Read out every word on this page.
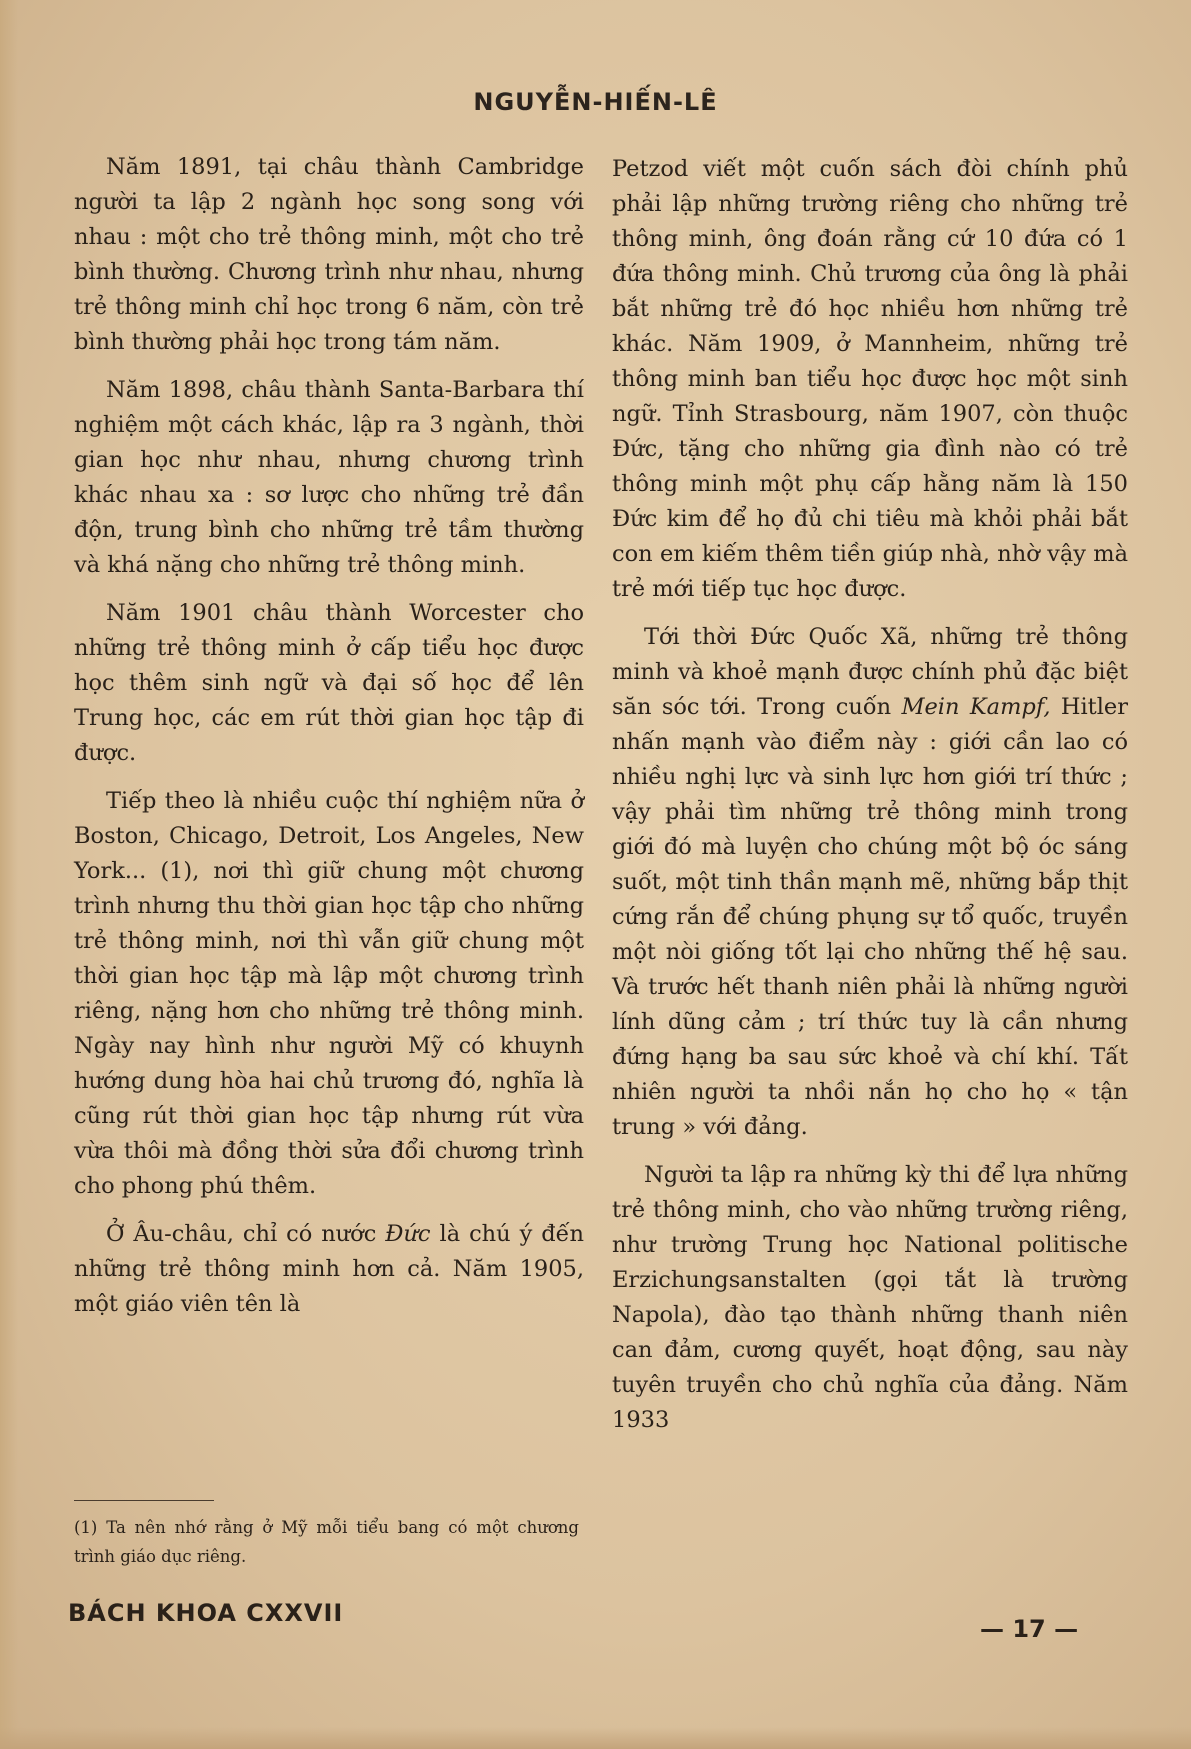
NGUYỄN-HIẾN-LÊ

Năm 1891, tại châu thành Cambridge người ta lập 2 ngành học song song với nhau : một cho trẻ thông minh, một cho trẻ bình thường. Chương trình như nhau, nhưng trẻ thông minh chỉ học trong 6 năm, còn trẻ bình thường phải học trong tám năm.

Năm 1898, châu thành Santa-Barbara thí nghiệm một cách khác, lập ra 3 ngành, thời gian học như nhau, nhưng chương trình khác nhau xa : sơ lược cho những trẻ đần độn, trung bình cho những trẻ tầm thường và khá nặng cho những trẻ thông minh.

Năm 1901 châu thành Worcester cho những trẻ thông minh ở cấp tiểu học được học thêm sinh ngữ và đại số học để lên Trung học, các em rút thời gian học tập đi được.

Tiếp theo là nhiều cuộc thí nghiệm nữa ở Boston, Chicago, Detroit, Los Angeles, New York... (1), nơi thì giữ chung một chương trình nhưng thu thời gian học tập cho những trẻ thông minh, nơi thì vẫn giữ chung một thời gian học tập mà lập một chương trình riêng, nặng hơn cho những trẻ thông minh. Ngày nay hình như người Mỹ có khuynh hướng dung hòa hai chủ trương đó, nghĩa là cũng rút thời gian học tập nhưng rút vừa vừa thôi mà đồng thời sửa đổi chương trình cho phong phú thêm.

Ở Âu-châu, chỉ có nước Đức là chú ý đến những trẻ thông minh hơn cả. Năm 1905, một giáo viên tên là

(1) Ta nên nhớ rằng ở Mỹ mỗi tiểu bang có một chương trình giáo dục riêng.

Petzod viết một cuốn sách đòi chính phủ phải lập những trường riêng cho những trẻ thông minh, ông đoán rằng cứ 10 đứa có 1 đứa thông minh. Chủ trương của ông là phải bắt những trẻ đó học nhiều hơn những trẻ khác. Năm 1909, ở Mannheim, những trẻ thông minh ban tiểu học được học một sinh ngữ. Tỉnh Strasbourg, năm 1907, còn thuộc Đức, tặng cho những gia đình nào có trẻ thông minh một phụ cấp hằng năm là 150 Đức kim để họ đủ chi tiêu mà khỏi phải bắt con em kiếm thêm tiền giúp nhà, nhờ vậy mà trẻ mới tiếp tục học được.

Tới thời Đức Quốc Xã, những trẻ thông minh và khoẻ mạnh được chính phủ đặc biệt săn sóc tới. Trong cuốn Mein Kampf, Hitler nhấn mạnh vào điểm này : giới cần lao có nhiều nghị lực và sinh lực hơn giới trí thức ; vậy phải tìm những trẻ thông minh trong giới đó mà luyện cho chúng một bộ óc sáng suốt, một tinh thần mạnh mẽ, những bắp thịt cứng rắn để chúng phụng sự tổ quốc, truyền một nòi giống tốt lại cho những thế hệ sau. Và trước hết thanh niên phải là những người lính dũng cảm ; trí thức tuy là cần nhưng đứng hạng ba sau sức khoẻ và chí khí. Tất nhiên người ta nhồi nắn họ cho họ « tận trung » với đảng.

Người ta lập ra những kỳ thi để lựa những trẻ thông minh, cho vào những trường riêng, như trường Trung học National politische Erzichungsanstalten (gọi tắt là trường Napola), đào tạo thành những thanh niên can đảm, cương quyết, hoạt động, sau này tuyên truyền cho chủ nghĩa của đảng. Năm 1933

BÁCH KHOA CXXVII
— 17 —
